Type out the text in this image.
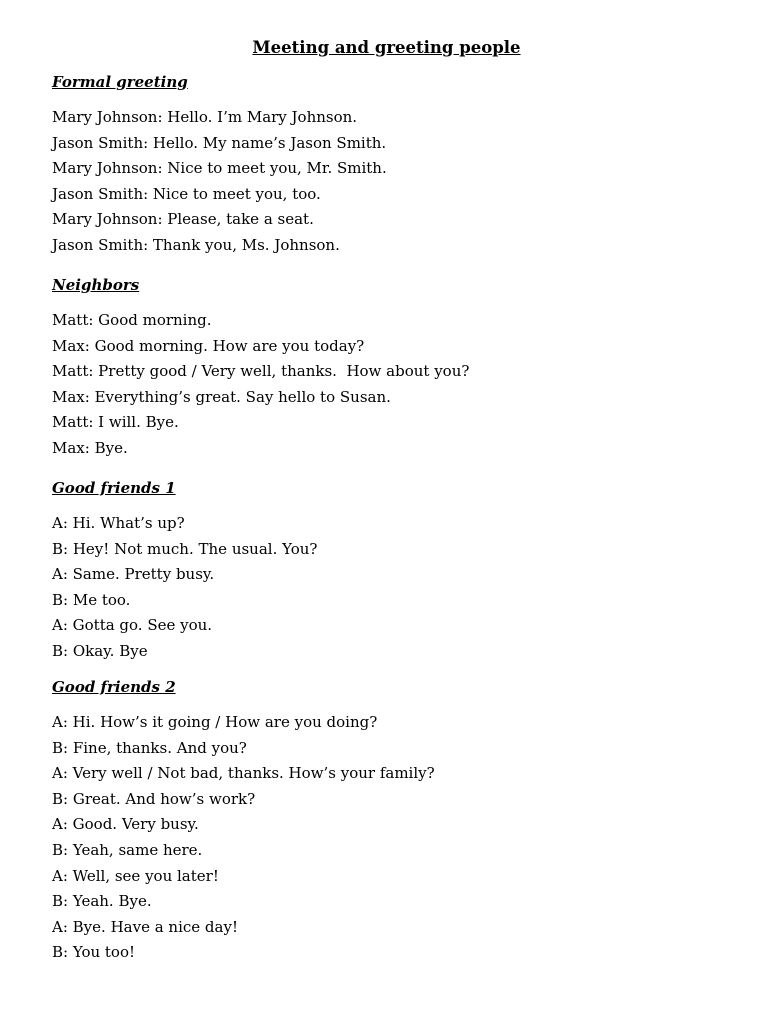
Meeting and greeting people
Formal greeting
Mary Johnson: Hello. I’m Mary Johnson.
Jason Smith: Hello. My name’s Jason Smith.
Mary Johnson: Nice to meet you, Mr. Smith.
Jason Smith: Nice to meet you, too.
Mary Johnson: Please, take a seat.
Jason Smith: Thank you, Ms. Johnson.
Neighbors
Matt: Good morning.
Max: Good morning. How are you today?
Matt: Pretty good / Very well, thanks.  How about you?
Max: Everything’s great. Say hello to Susan.
Matt: I will. Bye.
Max: Bye.
Good friends 1
A: Hi. What’s up?
B: Hey! Not much. The usual. You?
A: Same. Pretty busy.
B: Me too.
A: Gotta go. See you.
B: Okay. Bye
Good friends 2
A: Hi. How’s it going / How are you doing?
B: Fine, thanks. And you?
A: Very well / Not bad, thanks. How’s your family?
B: Great. And how’s work?
A: Good. Very busy.
B: Yeah, same here.
A: Well, see you later!
B: Yeah. Bye.
A: Bye. Have a nice day!
B: You too!
